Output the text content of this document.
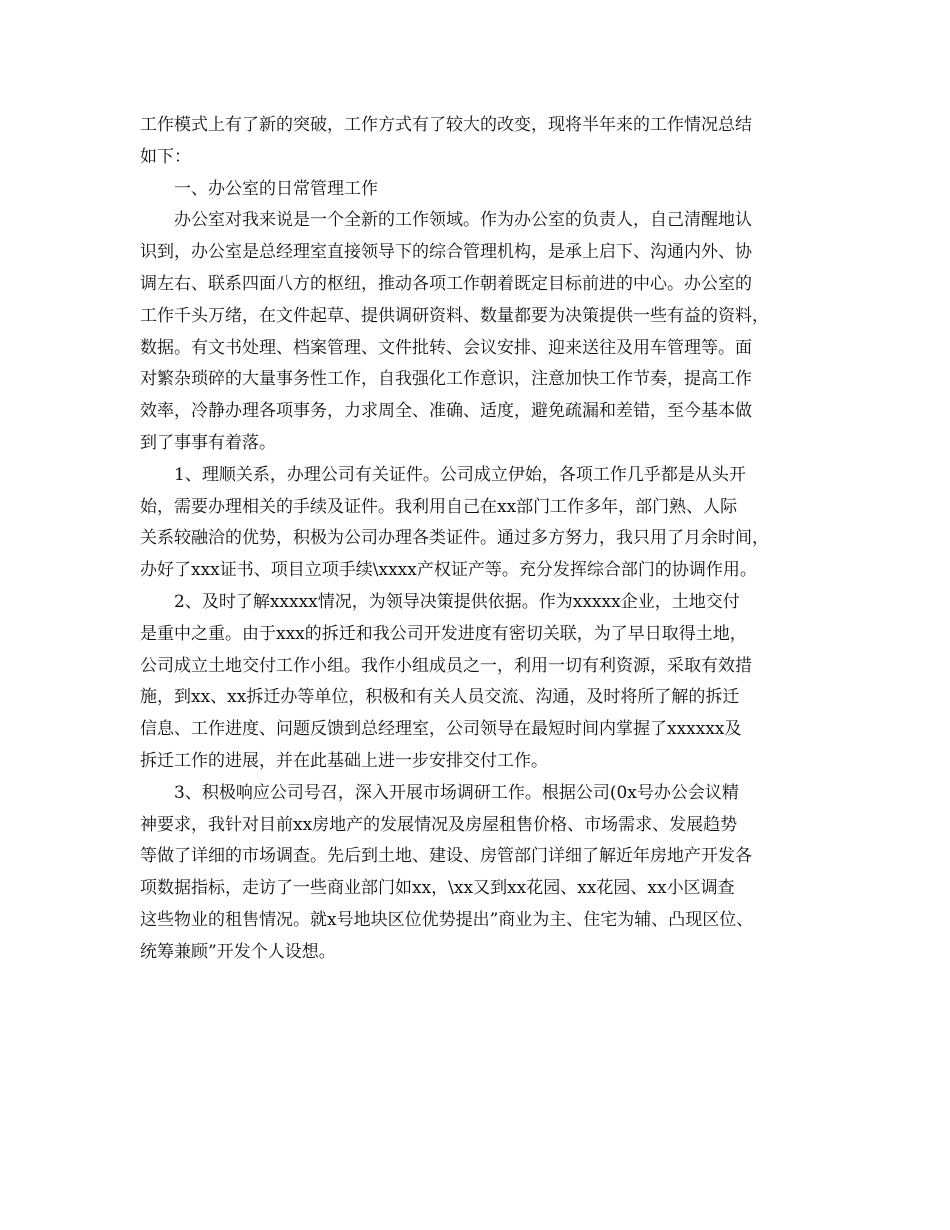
工作模式上有了新的突破，工作方式有了较大的改变，现将半年来的工作情况总结
如下：
一、办公室的日常管理工作
办公室对我来说是一个全新的工作领域。作为办公室的负责人，自己清醒地认
识到，办公室是总经理室直接领导下的综合管理机构，是承上启下、沟通内外、协
调左右、联系四面八方的枢纽，推动各项工作朝着既定目标前进的中心。办公室的
工作千头万绪，在文件起草、提供调研资料、数量都要为决策提供一些有益的资料，
数据。有文书处理、档案管理、文件批转、会议安排、迎来送往及用车管理等。面
对繁杂琐碎的大量事务性工作，自我强化工作意识，注意加快工作节奏，提高工作
效率，冷静办理各项事务，力求周全、准确、适度，避免疏漏和差错，至今基本做
到了事事有着落。
1、理顺关系，办理公司有关证件。公司成立伊始，各项工作几乎都是从头开
始，需要办理相关的手续及证件。我利用自己在xx部门工作多年，部门熟、人际
关系较融洽的优势，积极为公司办理各类证件。通过多方努力，我只用了月余时间，
办好了xxx证书、项目立项手续\xxxx产权证产等。充分发挥综合部门的协调作用。
2、及时了解xxxxx情况，为领导决策提供依据。作为xxxxx企业，土地交付
是重中之重。由于xxx的拆迁和我公司开发进度有密切关联，为了早日取得土地，
公司成立土地交付工作小组。我作小组成员之一，利用一切有利资源，采取有效措
施，到xx、xx拆迁办等单位，积极和有关人员交流、沟通，及时将所了解的拆迁
信息、工作进度、问题反馈到总经理室，公司领导在最短时间内掌握了xxxxxx及
拆迁工作的进展，并在此基础上进一步安排交付工作。
3、积极响应公司号召，深入开展市场调研工作。根据公司(0x号办公会议精
神要求，我针对目前xx房地产的发展情况及房屋租售价格、市场需求、发展趋势
等做了详细的市场调查。先后到土地、建设、房管部门详细了解近年房地产开发各
项数据指标，走访了一些商业部门如xx，\xx又到xx花园、xx花园、xx小区调查
这些物业的租售情况。就x号地块区位优势提出”商业为主、住宅为辅、凸现区位、
统筹兼顾”开发个人设想。
